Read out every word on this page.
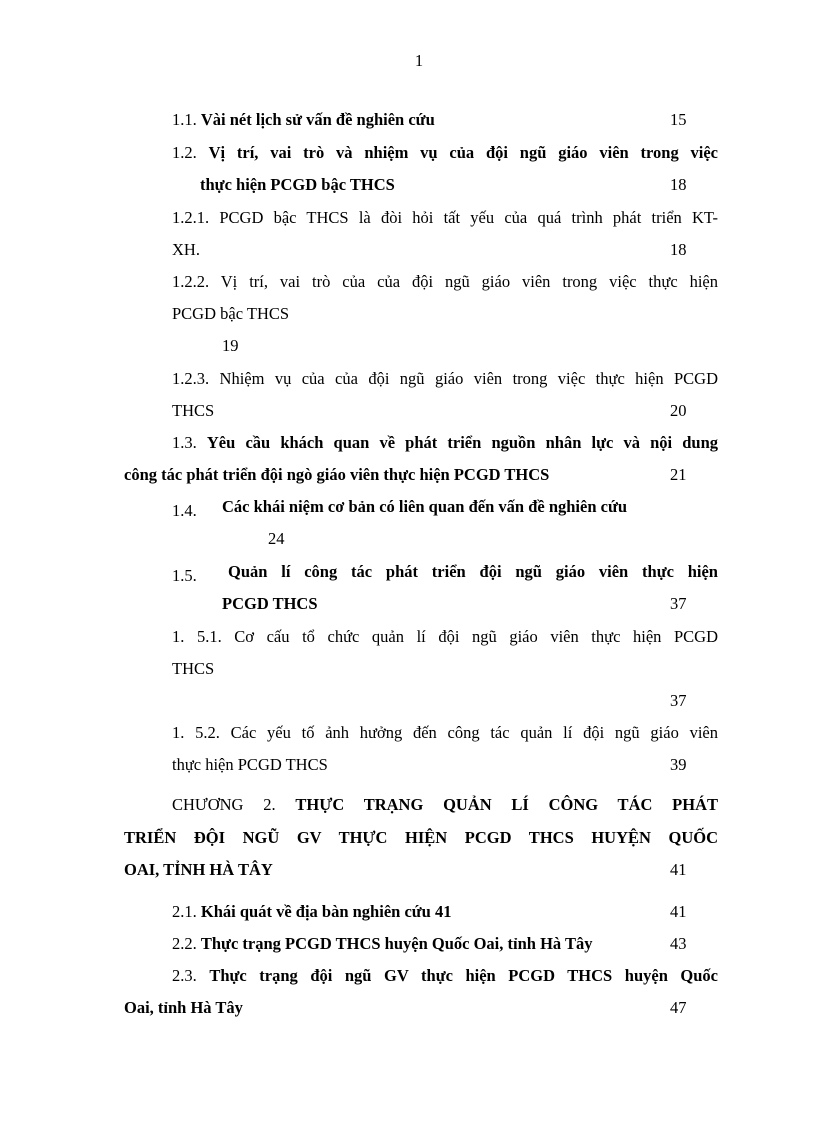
1
1.1. Vài nét lịch sử vấn đề nghiên cứu	15
1.2. Vị trí, vai trò và nhiệm vụ của đội ngũ giáo viên trong việc
thực hiện PCGD bậc THCS	18
1.2.1. PCGD bậc THCS là đòi hỏi tất yếu của quá trình phát triển KT-
XH.	18
1.2.2. Vị trí, vai trò của của đội ngũ giáo viên trong việc thực hiện
PCGD bậc THCS
19
1.2.3. Nhiệm vụ của của đội ngũ giáo viên trong việc thực hiện PCGD
THCS	20
1.3. Yêu cầu khách quan về phát triển nguồn nhân lực và nội dung
công tác phát triển đội ngò giáo viên thực hiện PCGD THCS	21
1.4. Các khái niệm cơ bản có liên quan đến vấn đề nghiên cứu
24
1.5. Quản lí công tác phát triển đội ngũ giáo viên thực hiện
PCGD THCS	37
1. 5.1. Cơ cấu tổ chức quản lí đội ngũ giáo viên thực hiện PCGD
THCS
37
1. 5.2. Các yếu tố ảnh hưởng đến công tác quản lí đội ngũ giáo viên
thực hiện PCGD THCS	39
CHƯƠNG 2. THỰC TRẠNG QUẢN LÍ CÔNG TÁC PHÁT
TRIỂN ĐỘI NGŨ GV THỰC HIỆN PCGD THCS HUYỆN QUỐC
OAI, TỈNH HÀ TÂY	41
2.1. Khái quát về địa bàn nghiên cứu 41	41
2.2. Thực trạng PCGD THCS huyện Quốc Oai, tỉnh Hà Tây	43
2.3. Thực trạng đội ngũ GV thực hiện PCGD THCS huyện Quốc
Oai, tỉnh Hà Tây	47
